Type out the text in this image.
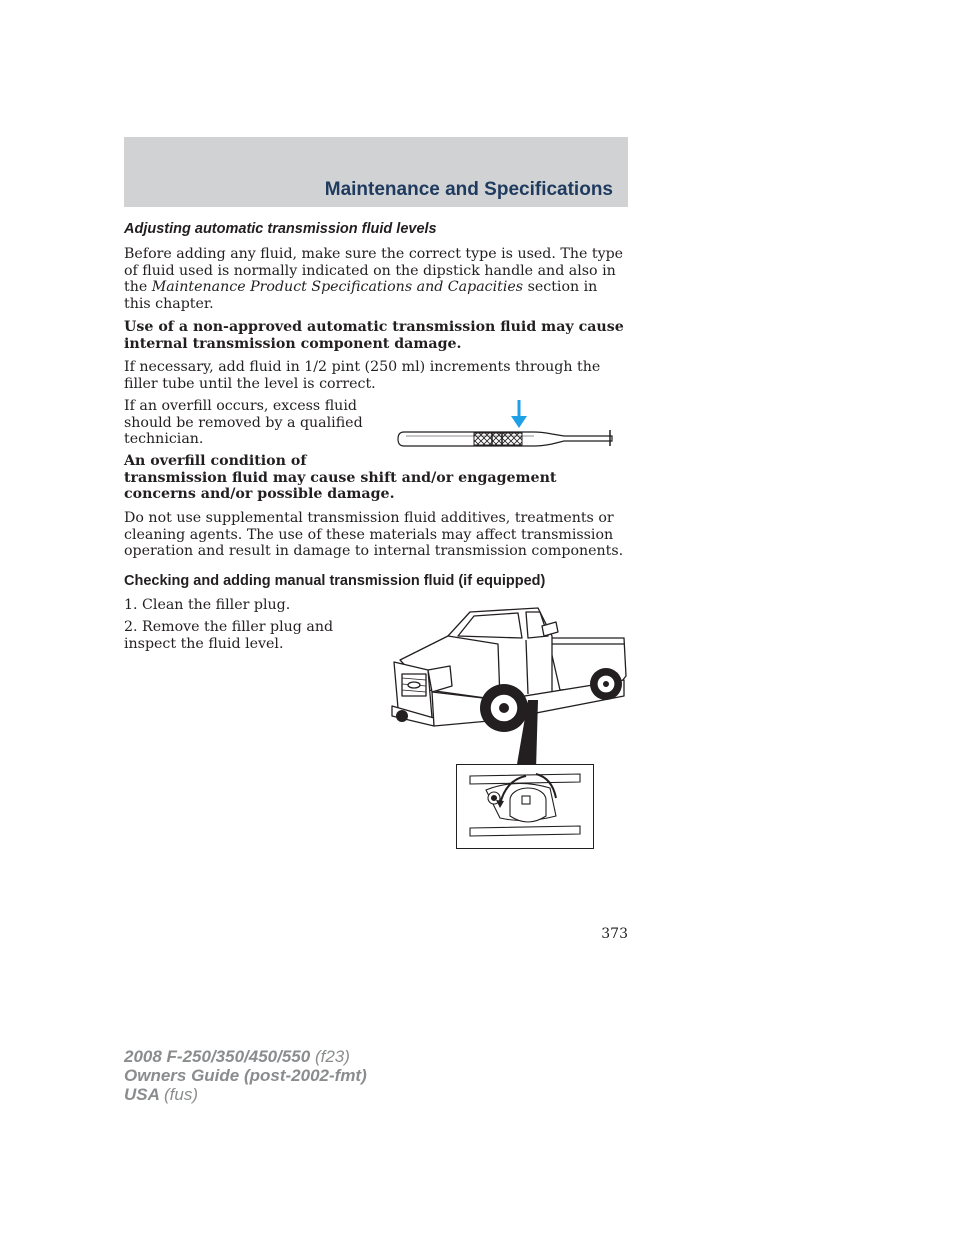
Maintenance and Specifications
Adjusting automatic transmission fluid levels
Before adding any fluid, make sure the correct type is used. The type of fluid used is normally indicated on the dipstick handle and also in the Maintenance Product Specifications and Capacities section in this chapter.
Use of a non-approved automatic transmission fluid may cause internal transmission component damage.
If necessary, add fluid in 1/2 pint (250 ml) increments through the filler tube until the level is correct.
If an overfill occurs, excess fluid should be removed by a qualified technician.
An overfill condition of
transmission fluid may cause shift and/or engagement concerns and/or possible damage.
Do not use supplemental transmission fluid additives, treatments or cleaning agents. The use of these materials may affect transmission operation and result in damage to internal transmission components.
Checking and adding manual transmission fluid (if equipped)
1. Clean the filler plug.
2. Remove the filler plug and inspect the fluid level.
373
2008 F-250/350/450/550 (f23)
Owners Guide (post-2002-fmt)
USA (fus)
